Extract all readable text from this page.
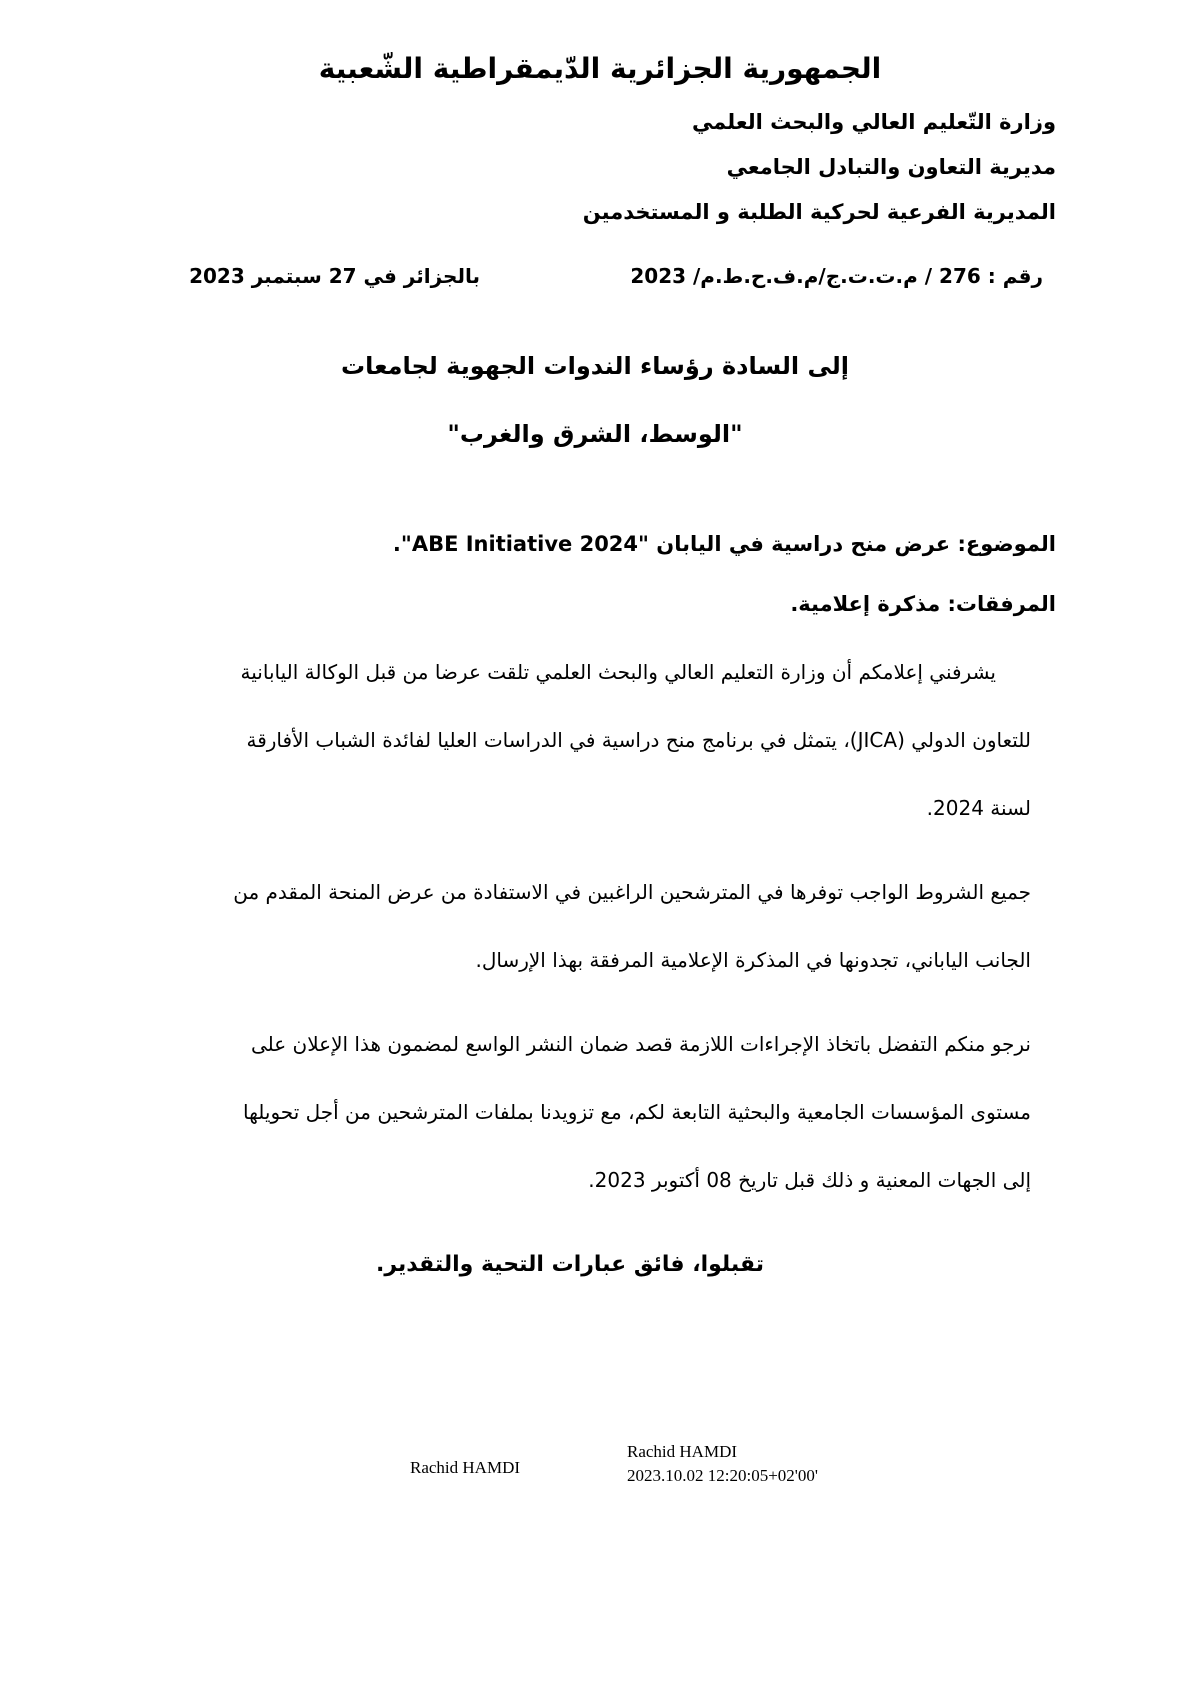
الجمهورية الجزائرية الدّيمقراطية الشّعبية
وزارة التّعليم العالي والبحث العلمي
مديرية التعاون والتبادل الجامعي
المديرية الفرعية لحركية الطلبة و المستخدمين
رقم : 276 / م.ت.ت.ج/م.ف.ح.ط.م/ 2023
بالجزائر في 27 سبتمبر 2023
إلى السادة رؤساء الندوات الجهوية لجامعات
"الوسط، الشرق والغرب"
الموضوع: عرض منح دراسية في اليابان "ABE Initiative 2024".
المرفقات: مذكرة إعلامية.
يشرفني إعلامكم أن وزارة التعليم العالي والبحث العلمي تلقت عرضا من قبل الوكالة اليابانية
للتعاون الدولي (JICA)، يتمثل في برنامج منح دراسية في الدراسات العليا لفائدة الشباب الأفارقة
لسنة 2024.
جميع الشروط الواجب توفرها في المترشحين الراغبين في الاستفادة من عرض المنحة المقدم من
الجانب الياباني، تجدونها في المذكرة الإعلامية المرفقة بهذا الإرسال.
نرجو منكم التفضل باتخاذ الإجراءات اللازمة قصد ضمان النشر الواسع لمضمون هذا الإعلان على
مستوى المؤسسات الجامعية والبحثية التابعة لكم، مع تزويدنا بملفات المترشحين من أجل تحويلها
إلى الجهات المعنية و ذلك قبل تاريخ 08 أكتوبر 2023.
تقبلوا، فائق عبارات التحية والتقدير.
Rachid HAMDI
Rachid HAMDI
2023.10.02 12:20:05+02'00'
